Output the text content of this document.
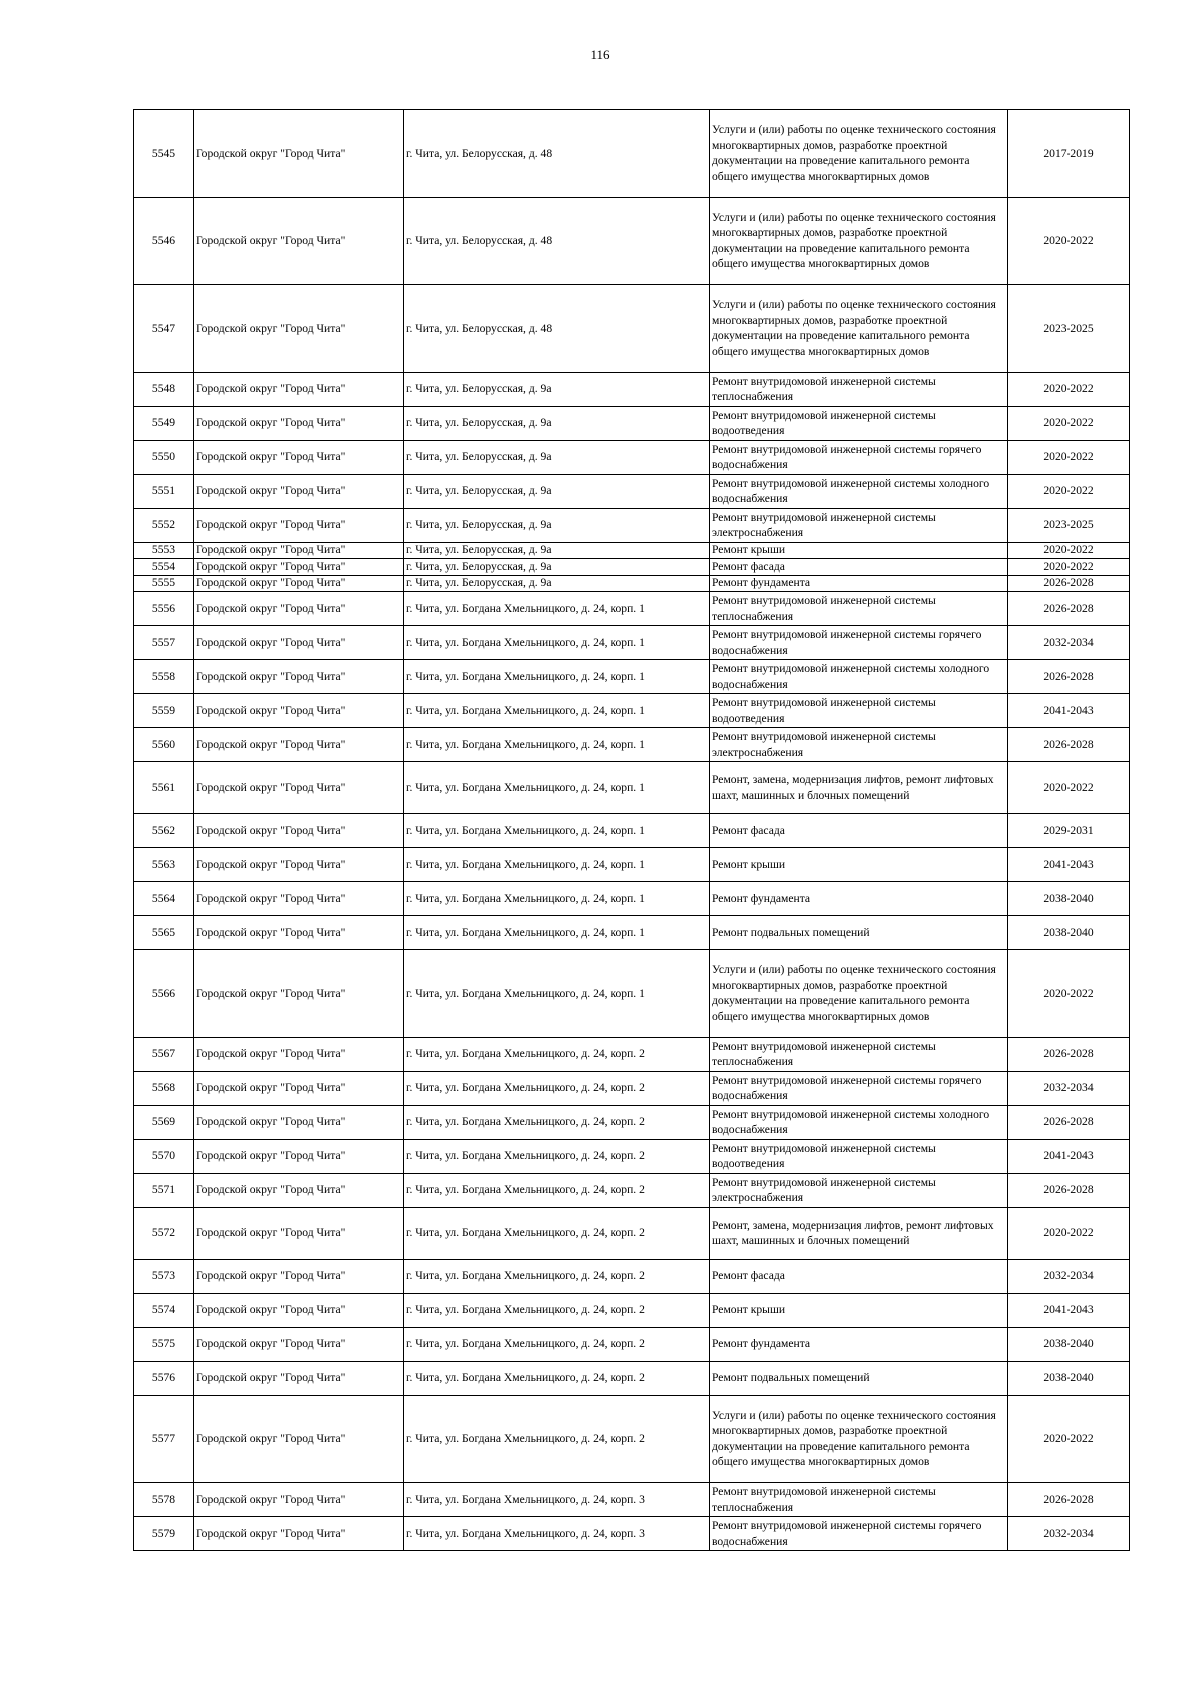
116
5545	Городской округ "Город Чита"	г. Чита, ул. Белорусская, д. 48	Услуги и (или) работы по оценке технического состояния многоквартирных домов, разработке проектной документации на проведение капитального ремонта общего имущества многоквартирных домов	2017-2019
5546	Городской округ "Город Чита"	г. Чита, ул. Белорусская, д. 48	Услуги и (или) работы по оценке технического состояния многоквартирных домов, разработке проектной документации на проведение капитального ремонта общего имущества многоквартирных домов	2020-2022
5547	Городской округ "Город Чита"	г. Чита, ул. Белорусская, д. 48	Услуги и (или) работы по оценке технического состояния многоквартирных домов, разработке проектной документации на проведение капитального ремонта общего имущества многоквартирных домов	2023-2025
5548	Городской округ "Город Чита"	г. Чита, ул. Белорусская, д. 9а	Ремонт внутридомовой инженерной системы теплоснабжения	2020-2022
5549	Городской округ "Город Чита"	г. Чита, ул. Белорусская, д. 9а	Ремонт внутридомовой инженерной системы водоотведения	2020-2022
5550	Городской округ "Город Чита"	г. Чита, ул. Белорусская, д. 9а	Ремонт внутридомовой инженерной системы горячего водоснабжения	2020-2022
5551	Городской округ "Город Чита"	г. Чита, ул. Белорусская, д. 9а	Ремонт внутридомовой инженерной системы холодного водоснабжения	2020-2022
5552	Городской округ "Город Чита"	г. Чита, ул. Белорусская, д. 9а	Ремонт внутридомовой инженерной системы электроснабжения	2023-2025
5553	Городской округ "Город Чита"	г. Чита, ул. Белорусская, д. 9а	Ремонт крыши	2020-2022
5554	Городской округ "Город Чита"	г. Чита, ул. Белорусская, д. 9а	Ремонт фасада	2020-2022
5555	Городской округ "Город Чита"	г. Чита, ул. Белорусская, д. 9а	Ремонт фундамента	2026-2028
5556	Городской округ "Город Чита"	г. Чита, ул. Богдана Хмельницкого, д. 24, корп. 1	Ремонт внутридомовой инженерной системы теплоснабжения	2026-2028
5557	Городской округ "Город Чита"	г. Чита, ул. Богдана Хмельницкого, д. 24, корп. 1	Ремонт внутридомовой инженерной системы горячего водоснабжения	2032-2034
5558	Городской округ "Город Чита"	г. Чита, ул. Богдана Хмельницкого, д. 24, корп. 1	Ремонт внутридомовой инженерной системы холодного водоснабжения	2026-2028
5559	Городской округ "Город Чита"	г. Чита, ул. Богдана Хмельницкого, д. 24, корп. 1	Ремонт внутридомовой инженерной системы водоотведения	2041-2043
5560	Городской округ "Город Чита"	г. Чита, ул. Богдана Хмельницкого, д. 24, корп. 1	Ремонт внутридомовой инженерной системы электроснабжения	2026-2028
5561	Городской округ "Город Чита"	г. Чита, ул. Богдана Хмельницкого, д. 24, корп. 1	Ремонт, замена, модернизация лифтов, ремонт лифтовых шахт, машинных и блочных помещений	2020-2022
5562	Городской округ "Город Чита"	г. Чита, ул. Богдана Хмельницкого, д. 24, корп. 1	Ремонт фасада	2029-2031
5563	Городской округ "Город Чита"	г. Чита, ул. Богдана Хмельницкого, д. 24, корп. 1	Ремонт крыши	2041-2043
5564	Городской округ "Город Чита"	г. Чита, ул. Богдана Хмельницкого, д. 24, корп. 1	Ремонт фундамента	2038-2040
5565	Городской округ "Город Чита"	г. Чита, ул. Богдана Хмельницкого, д. 24, корп. 1	Ремонт подвальных помещений	2038-2040
5566	Городской округ "Город Чита"	г. Чита, ул. Богдана Хмельницкого, д. 24, корп. 1	Услуги и (или) работы по оценке технического состояния многоквартирных домов, разработке проектной документации на проведение капитального ремонта общего имущества многоквартирных домов	2020-2022
5567	Городской округ "Город Чита"	г. Чита, ул. Богдана Хмельницкого, д. 24, корп. 2	Ремонт внутридомовой инженерной системы теплоснабжения	2026-2028
5568	Городской округ "Город Чита"	г. Чита, ул. Богдана Хмельницкого, д. 24, корп. 2	Ремонт внутридомовой инженерной системы горячего водоснабжения	2032-2034
5569	Городской округ "Город Чита"	г. Чита, ул. Богдана Хмельницкого, д. 24, корп. 2	Ремонт внутридомовой инженерной системы холодного водоснабжения	2026-2028
5570	Городской округ "Город Чита"	г. Чита, ул. Богдана Хмельницкого, д. 24, корп. 2	Ремонт внутридомовой инженерной системы водоотведения	2041-2043
5571	Городской округ "Город Чита"	г. Чита, ул. Богдана Хмельницкого, д. 24, корп. 2	Ремонт внутридомовой инженерной системы электроснабжения	2026-2028
5572	Городской округ "Город Чита"	г. Чита, ул. Богдана Хмельницкого, д. 24, корп. 2	Ремонт, замена, модернизация лифтов, ремонт лифтовых шахт, машинных и блочных помещений	2020-2022
5573	Городской округ "Город Чита"	г. Чита, ул. Богдана Хмельницкого, д. 24, корп. 2	Ремонт фасада	2032-2034
5574	Городской округ "Город Чита"	г. Чита, ул. Богдана Хмельницкого, д. 24, корп. 2	Ремонт крыши	2041-2043
5575	Городской округ "Город Чита"	г. Чита, ул. Богдана Хмельницкого, д. 24, корп. 2	Ремонт фундамента	2038-2040
5576	Городской округ "Город Чита"	г. Чита, ул. Богдана Хмельницкого, д. 24, корп. 2	Ремонт подвальных помещений	2038-2040
5577	Городской округ "Город Чита"	г. Чита, ул. Богдана Хмельницкого, д. 24, корп. 2	Услуги и (или) работы по оценке технического состояния многоквартирных домов, разработке проектной документации на проведение капитального ремонта общего имущества многоквартирных домов	2020-2022
5578	Городской округ "Город Чита"	г. Чита, ул. Богдана Хмельницкого, д. 24, корп. 3	Ремонт внутридомовой инженерной системы теплоснабжения	2026-2028
5579	Городской округ "Город Чита"	г. Чита, ул. Богдана Хмельницкого, д. 24, корп. 3	Ремонт внутридомовой инженерной системы горячего водоснабжения	2032-2034
